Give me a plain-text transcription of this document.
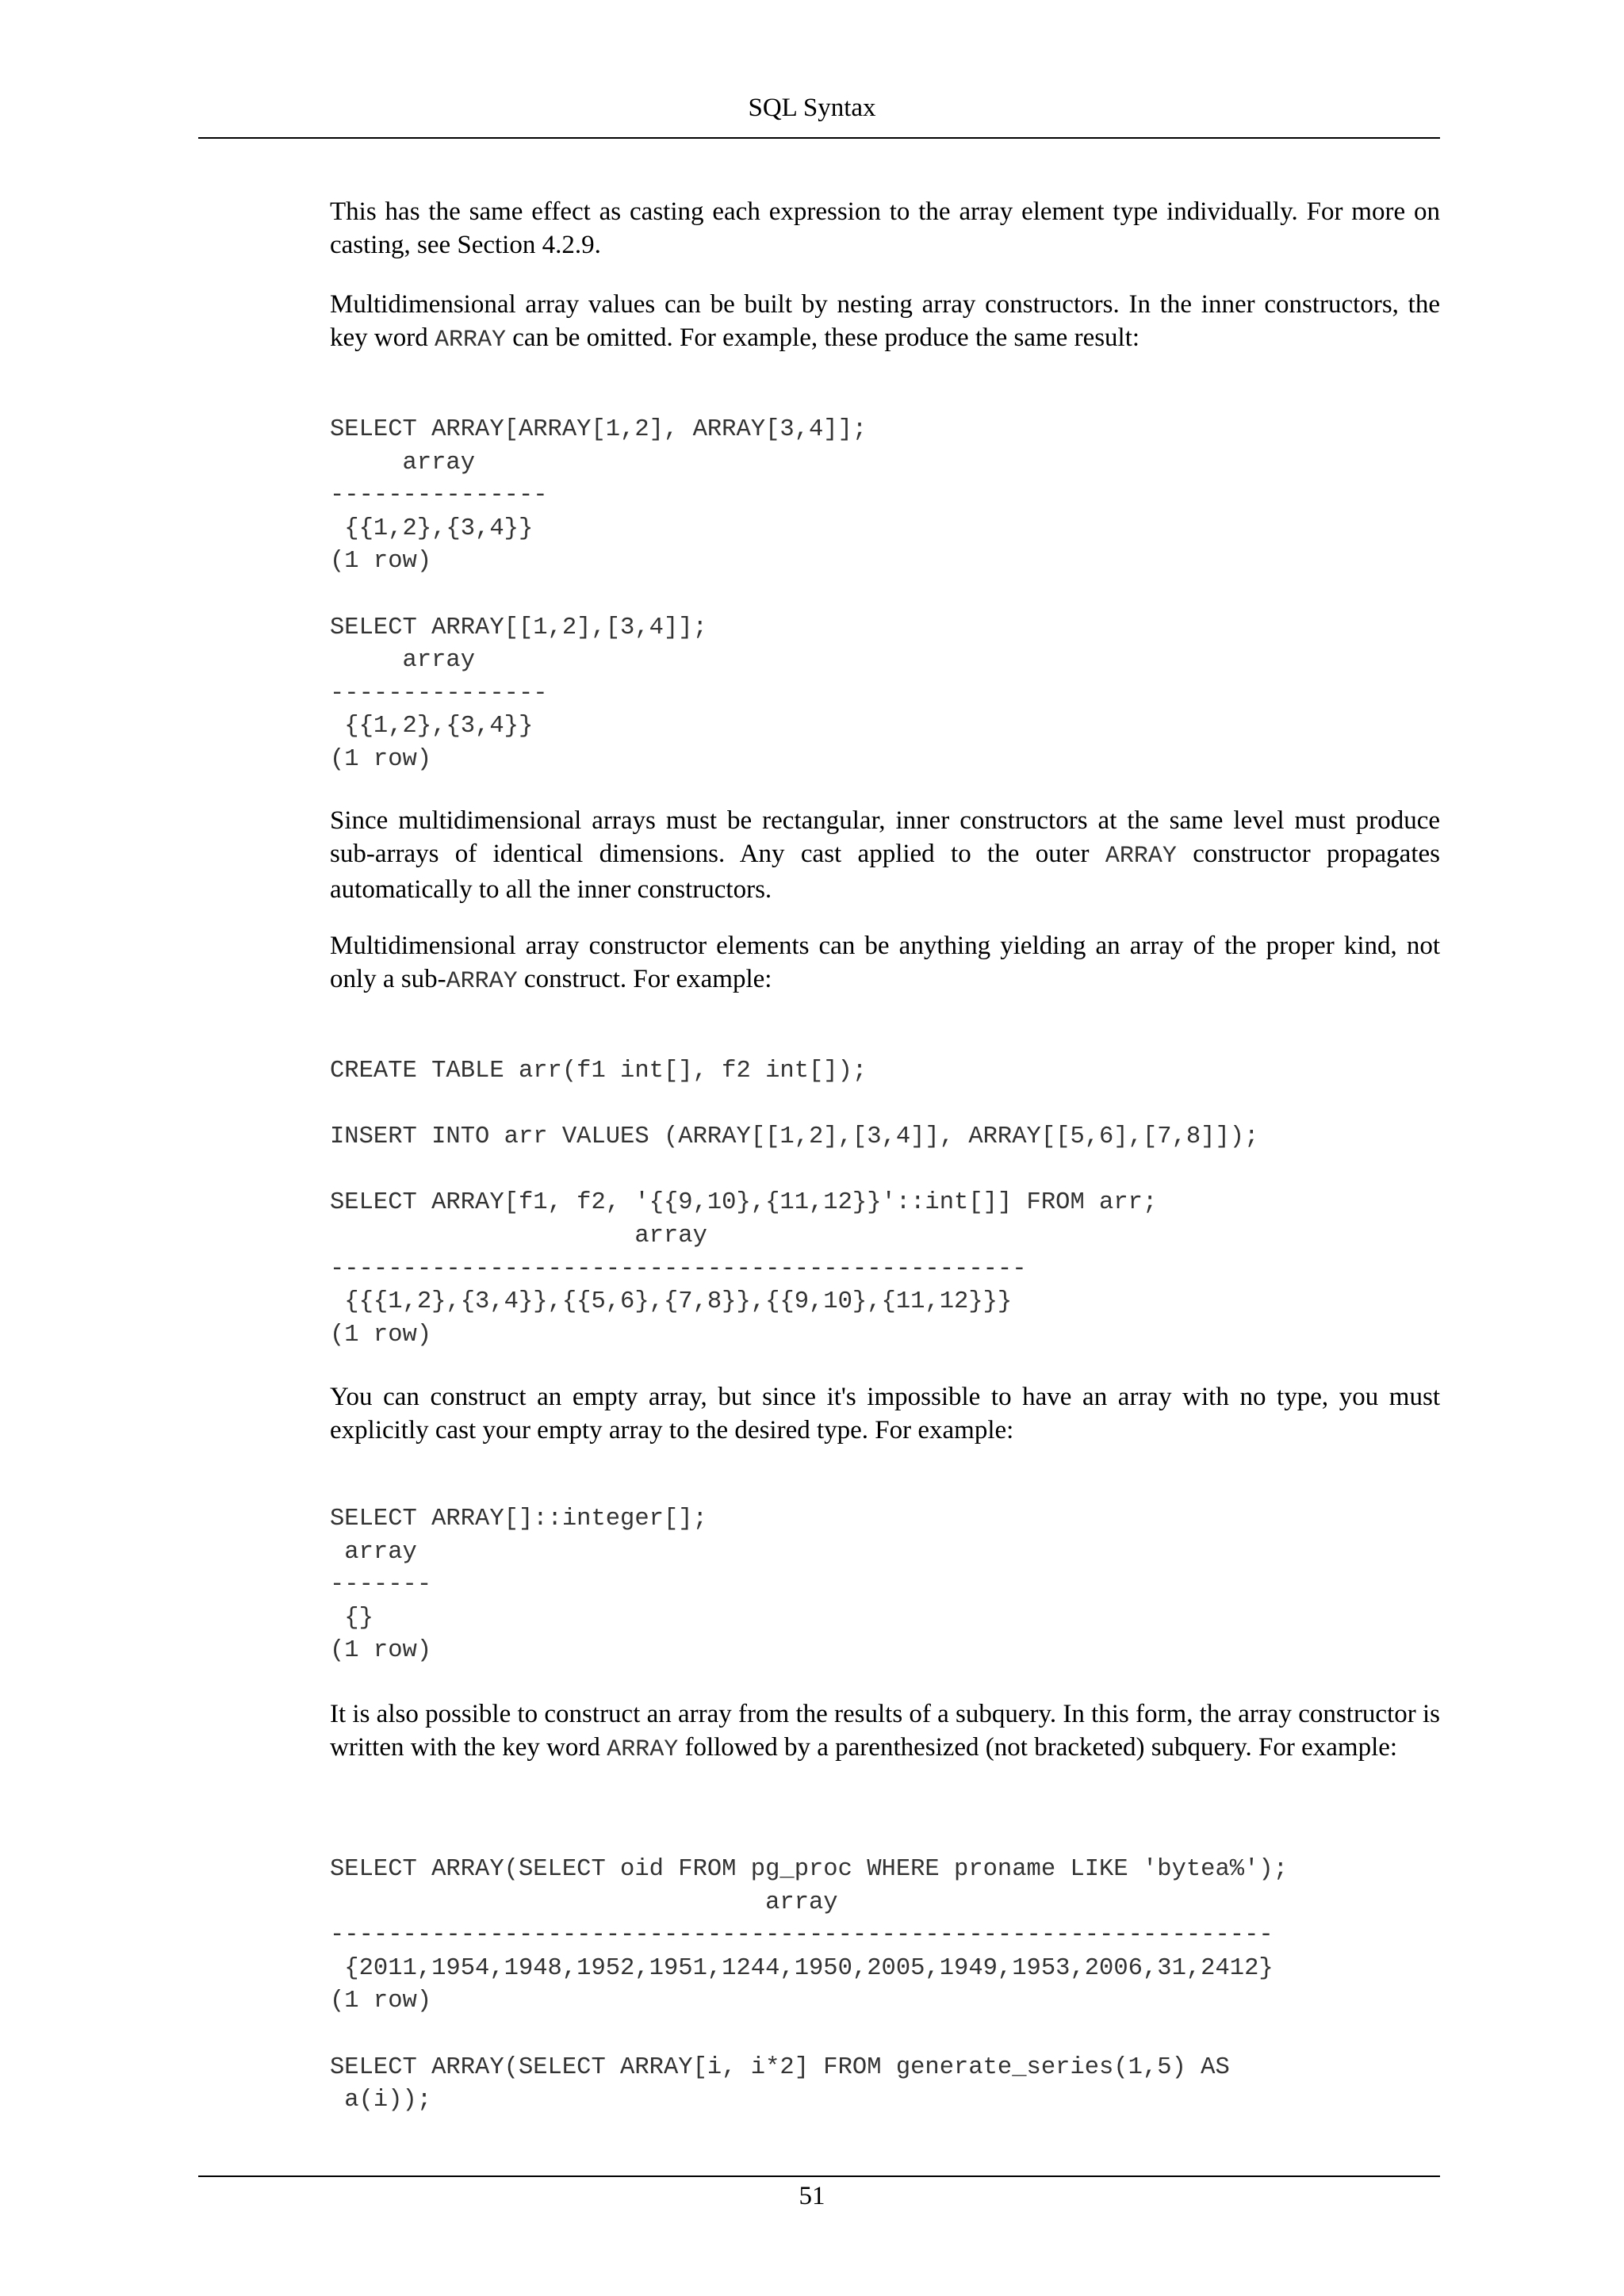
SQL Syntax

This has the same effect as casting each expression to the array element type individually. For more on casting, see Section 4.2.9.

Multidimensional array values can be built by nesting array constructors. In the inner constructors, the key word ARRAY can be omitted. For example, these produce the same result:

SELECT ARRAY[ARRAY[1,2], ARRAY[3,4]];
array
---------------
{{1,2},{3,4}}
(1 row)

SELECT ARRAY[[1,2],[3,4]];
array
---------------
{{1,2},{3,4}}
(1 row)

Since multidimensional arrays must be rectangular, inner constructors at the same level must produce sub-arrays of identical dimensions. Any cast applied to the outer ARRAY constructor propagates automatically to all the inner constructors.

Multidimensional array constructor elements can be anything yielding an array of the proper kind, not only a sub-ARRAY construct. For example:

CREATE TABLE arr(f1 int[], f2 int[]);

INSERT INTO arr VALUES (ARRAY[[1,2],[3,4]], ARRAY[[5,6],[7,8]]);

SELECT ARRAY[f1, f2, '{{9,10},{11,12}}'::int[]] FROM arr;
array
------------------------------------------------
{{{1,2},{3,4}},{{5,6},{7,8}},{{9,10},{11,12}}}
(1 row)

You can construct an empty array, but since it's impossible to have an array with no type, you must explicitly cast your empty array to the desired type. For example:

SELECT ARRAY[]::integer[];
array
-------
{}
(1 row)

It is also possible to construct an array from the results of a subquery. In this form, the array constructor is written with the key word ARRAY followed by a parenthesized (not bracketed) subquery. For example:

SELECT ARRAY(SELECT oid FROM pg_proc WHERE proname LIKE 'bytea%');
array
-----------------------------------------------------------------
{2011,1954,1948,1952,1951,1244,1950,2005,1949,1953,2006,31,2412}
(1 row)

SELECT ARRAY(SELECT ARRAY[i, i*2] FROM generate_series(1,5) AS
a(i));
51
